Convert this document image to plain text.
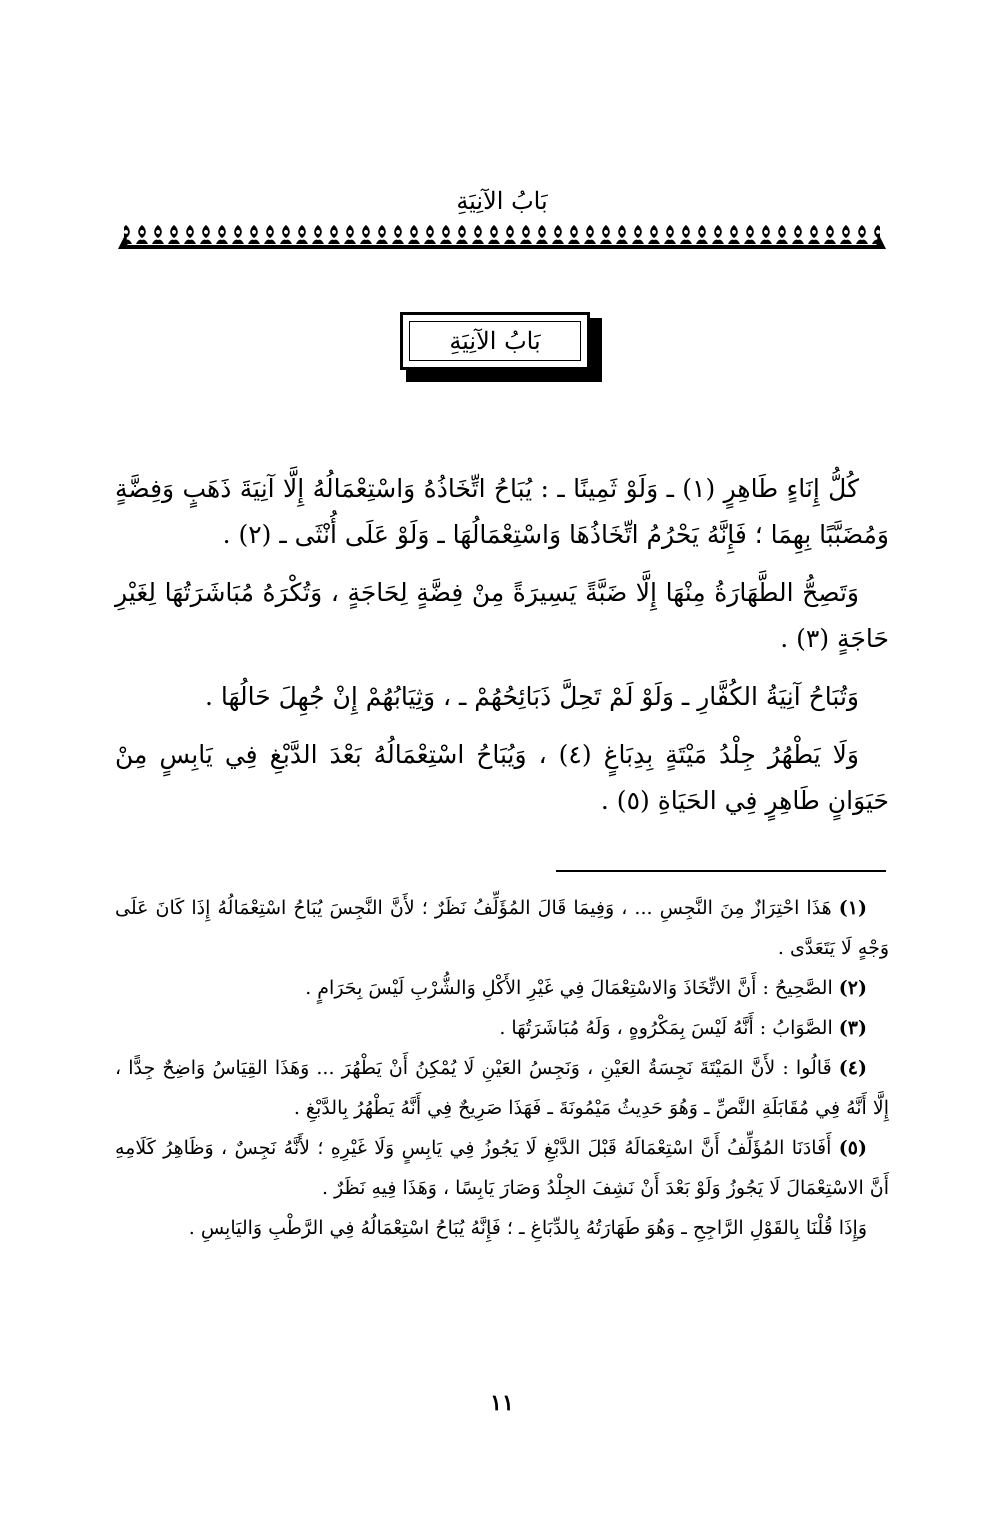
بَابُ الآنِيَةِ
بَابُ الآنِيَةِ

كُلُّ إِنَاءٍ طَاهِرٍ (١) ـ وَلَوْ ثَمِينًا ـ : يُبَاحُ اتِّخَاذُهُ وَاسْتِعْمَالُهُ إِلَّا آنِيَةَ ذَهَبٍ وَفِضَّةٍ وَمُضَبَّبًا بِهِمَا ؛ فَإِنَّهُ يَحْرُمُ اتِّخَاذُهَا وَاسْتِعْمَالُهَا ـ وَلَوْ عَلَى أُنْثَى ـ (٢) .

وَتَصِحُّ الطَّهَارَةُ مِنْهَا إِلَّا ضَبَّةً يَسِيرَةً مِنْ فِضَّةٍ لِحَاجَةٍ ، وَتُكْرَهُ مُبَاشَرَتُهَا لِغَيْرِ حَاجَةٍ (٣) .

وَتُبَاحُ آنِيَةُ الكُفَّارِ ـ وَلَوْ لَمْ تَحِلَّ ذَبَائِحُهُمْ ـ ، وَثِيَابُهُمْ إِنْ جُهِلَ حَالُهَا .

وَلَا يَطْهُرُ جِلْدُ مَيْتَةٍ بِدِبَاغٍ (٤) ، وَيُبَاحُ اسْتِعْمَالُهُ بَعْدَ الدَّبْغِ فِي يَابِسٍ مِنْ حَيَوَانٍ طَاهِرٍ فِي الحَيَاةِ (٥) .

(١) هَذَا احْتِرَازٌ مِنَ النَّجِسِ ... ، وَفِيمَا قَالَ المُؤَلِّفُ نَظَرٌ ؛ لأَنَّ النَّجِسَ يُبَاحُ اسْتِعْمَالُهُ إِذَا كَانَ عَلَى وَجْهٍ لَا يَتَعَدَّى .

(٢) الصَّحِيحُ : أَنَّ الاتِّخَاذَ وَالاسْتِعْمَالَ فِي غَيْرِ الأَكْلِ وَالشُّرْبِ لَيْسَ بِحَرَامٍ .

(٣) الصَّوَابُ : أَنَّهُ لَيْسَ بِمَكْرُوهٍ ، وَلَهُ مُبَاشَرَتُهَا .

(٤) قَالُوا : لأَنَّ المَيْتَةَ نَجِسَةُ العَيْنِ ، وَنَجِسُ العَيْنِ لَا يُمْكِنُ أَنْ يَطْهُرَ ... وَهَذَا القِيَاسُ وَاضِحٌ جِدًّا ، إِلَّا أَنَّهُ فِي مُقَابَلَةِ النَّصِّ ـ وَهُوَ حَدِيثُ مَيْمُونَةَ ـ فَهَذَا صَرِيحٌ فِي أَنَّهُ يَطْهُرُ بِالدَّبْغِ .

(٥) أَفَادَنَا المُؤَلِّفُ أَنَّ اسْتِعْمَالَهُ قَبْلَ الدَّبْغِ لَا يَجُوزُ فِي يَابِسٍ وَلَا غَيْرِهِ ؛ لأَنَّهُ نَجِسٌ ، وَظَاهِرُ كَلَامِهِ أَنَّ الاسْتِعْمَالَ لَا يَجُوزُ وَلَوْ بَعْدَ أَنْ نَشِفَ الجِلْدُ وَصَارَ يَابِسًا ، وَهَذَا فِيهِ نَظَرٌ .

وَإِذَا قُلْنَا بِالقَوْلِ الرَّاجِحِ ـ وَهُوَ طَهَارَتُهُ بِالدِّبَاغِ ـ ؛ فَإِنَّهُ يُبَاحُ اسْتِعْمَالُهُ فِي الرَّطْبِ وَاليَابِسِ .

١١
